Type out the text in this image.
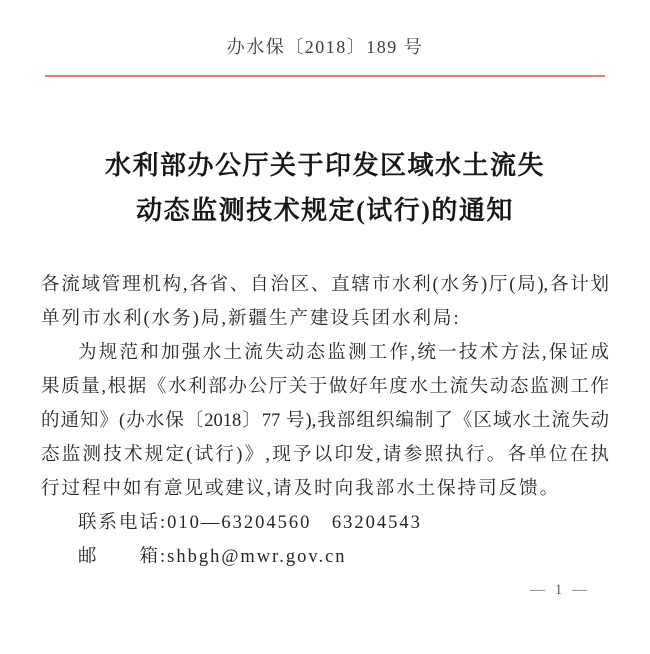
办水保〔2018〕189 号
水利部办公厅关于印发区域水土流失
动态监测技术规定(试行)的通知
各流域管理机构,各省、自治区、直辖市水利(水务)厅(局),各计划
单列市水利(水务)局,新疆生产建设兵团水利局:
为规范和加强水土流失动态监测工作,统一技术方法,保证成
果质量,根据《水利部办公厅关于做好年度水土流失动态监测工作
的通知》(办水保〔2018〕77 号),我部组织编制了《区域水土流失动
态监测技术规定(试行)》,现予以印发,请参照执行。各单位在执
行过程中如有意见或建议,请及时向我部水土保持司反馈。
联系电话:010—63204560　63204543
邮　　箱:shbgh@mwr.gov.cn
— 1 —
